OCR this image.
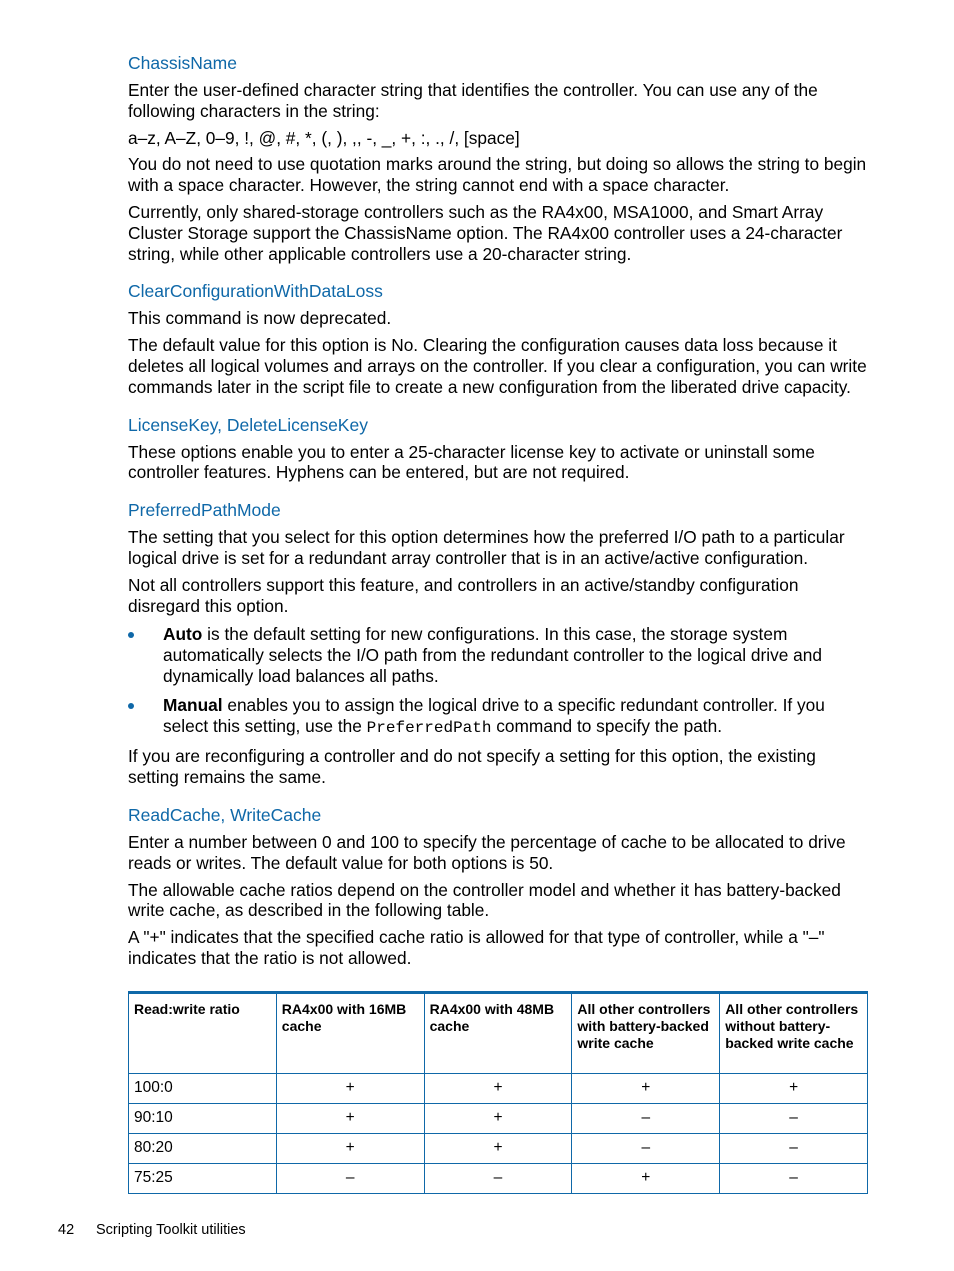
ChassisName

Enter the user-defined character string that identifies the controller. You can use any of the following characters in the string:

a–z, A–Z, 0–9, !, @, #, *, (, ), ,, -, _, +, :, ., /, [space]

You do not need to use quotation marks around the string, but doing so allows the string to begin with a space character. However, the string cannot end with a space character.

Currently, only shared-storage controllers such as the RA4x00, MSA1000, and Smart Array Cluster Storage support the ChassisName option. The RA4x00 controller uses a 24-character string, while other applicable controllers use a 20-character string.

ClearConfigurationWithDataLoss

This command is now deprecated.

The default value for this option is No. Clearing the configuration causes data loss because it deletes all logical volumes and arrays on the controller. If you clear a configuration, you can write commands later in the script file to create a new configuration from the liberated drive capacity.

LicenseKey, DeleteLicenseKey

These options enable you to enter a 25-character license key to activate or uninstall some controller features. Hyphens can be entered, but are not required.

PreferredPathMode

The setting that you select for this option determines how the preferred I/O path to a particular logical drive is set for a redundant array controller that is in an active/active configuration.

Not all controllers support this feature, and controllers in an active/standby configuration disregard this option.

Auto is the default setting for new configurations. In this case, the storage system automatically selects the I/O path from the redundant controller to the logical drive and dynamically load balances all paths.
Manual enables you to assign the logical drive to a specific redundant controller. If you select this setting, use the PreferredPath command to specify the path.

If you are reconfiguring a controller and do not specify a setting for this option, the existing setting remains the same.

ReadCache, WriteCache

Enter a number between 0 and 100 to specify the percentage of cache to be allocated to drive reads or writes. The default value for both options is 50.

The allowable cache ratios depend on the controller model and whether it has battery-backed write cache, as described in the following table.

A "+" indicates that the specified cache ratio is allowed for that type of controller, while a "–" indicates that the ratio is not allowed.

Read:write ratio	RA4x00 with 16MB cache	RA4x00 with 48MB cache	All other controllers with battery-backed write cache	All other controllers without battery-backed write cache
100:0	+	+	+	+
90:10	+	+	–	–
80:20	+	+	–	–
75:25	–	–	+	–
42 Scripting Toolkit utilities
